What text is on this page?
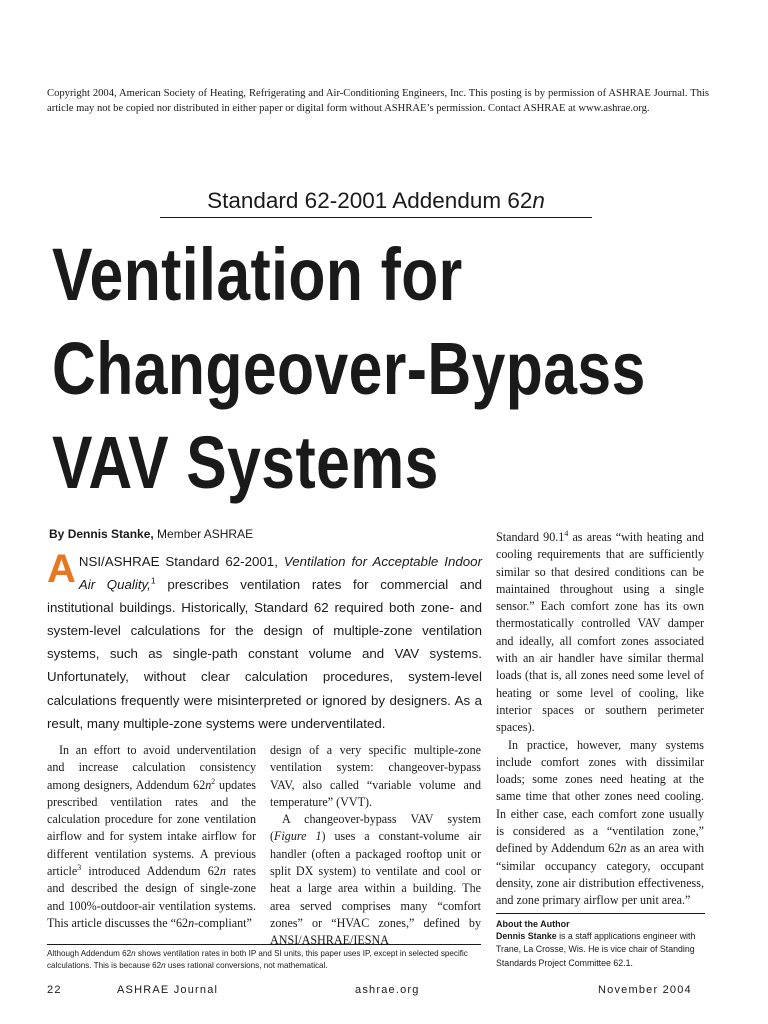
Copyright 2004, American Society of Heating, Refrigerating and Air-Conditioning Engineers, Inc. This posting is by permission of ASHRAE Journal. This article may not be copied nor distributed in either paper or digital form without ASHRAE’s permission. Contact ASHRAE at www.ashrae.org.
Standard 62-2001 Addendum 62n
Ventilation for
Changeover-Bypass
VAV Systems
By Dennis Stanke, Member ASHRAE
ANSI/ASHRAE Standard 62-2001, Ventilation for Acceptable Indoor Air Quality,$^1$ prescribes ventilation rates for commercial and institutional buildings. Historically, Standard 62 required both zone- and system-level calculations for the design of multiple-zone ventilation systems, such as single-path constant volume and VAV systems. Unfortunately, without clear calculation procedures, system-level calculations frequently were misinterpreted or ignored by designers. As a result, many multiple-zone systems were underventilated.

In an effort to avoid underventilation and increase calculation consistency among designers, Addendum $62n^2$ updates prescribed ventilation rates and the calculation procedure for zone ventilation airflow and for system intake airflow for different ventilation systems. A previous article$^3$ introduced Addendum 62n rates and described the design of single-zone and 100%-outdoor-air ventilation systems. This article discusses the “62n-compliant”

design of a very specific multiple-zone ventilation system: changeover-bypass VAV, also called “variable volume and temperature” (VVT).

A changeover-bypass VAV system (Figure 1) uses a constant-volume air handler (often a packaged rooftop unit or split DX system) to ventilate and cool or heat a large area within a building. The area served comprises many “comfort zones” or “HVAC zones,” defined by ANSI/ASHRAE/IESNA

Standard 90.1$^4$ as areas “with heating and cooling requirements that are sufficiently similar so that desired conditions can be maintained throughout using a single sensor.” Each comfort zone has its own thermostatically controlled VAV damper and ideally, all comfort zones associated with an air handler have similar thermal loads (that is, all zones need some level of heating or some level of cooling, like interior spaces or southern perimeter spaces).

In practice, however, many systems include comfort zones with dissimilar loads; some zones need heating at the same time that other zones need cooling. In either case, each comfort zone usually is considered as a “ventilation zone,” defined by Addendum 62n as an area with “similar occupancy category, occupant density, zone air distribution effectiveness, and zone primary airflow per unit area.”

Although Addendum 62n shows ventilation rates in both IP and SI units, this paper uses IP, except in selected specific calculations. This is because 62n uses rational conversions, not mathematical.
About the Author
Dennis Stanke is a staff applications engineer with Trane, La Crosse, Wis. He is vice chair of Standing Standards Project Committee 62.1.
22	ASHRAE Journal	ashrae.org	November 2004
